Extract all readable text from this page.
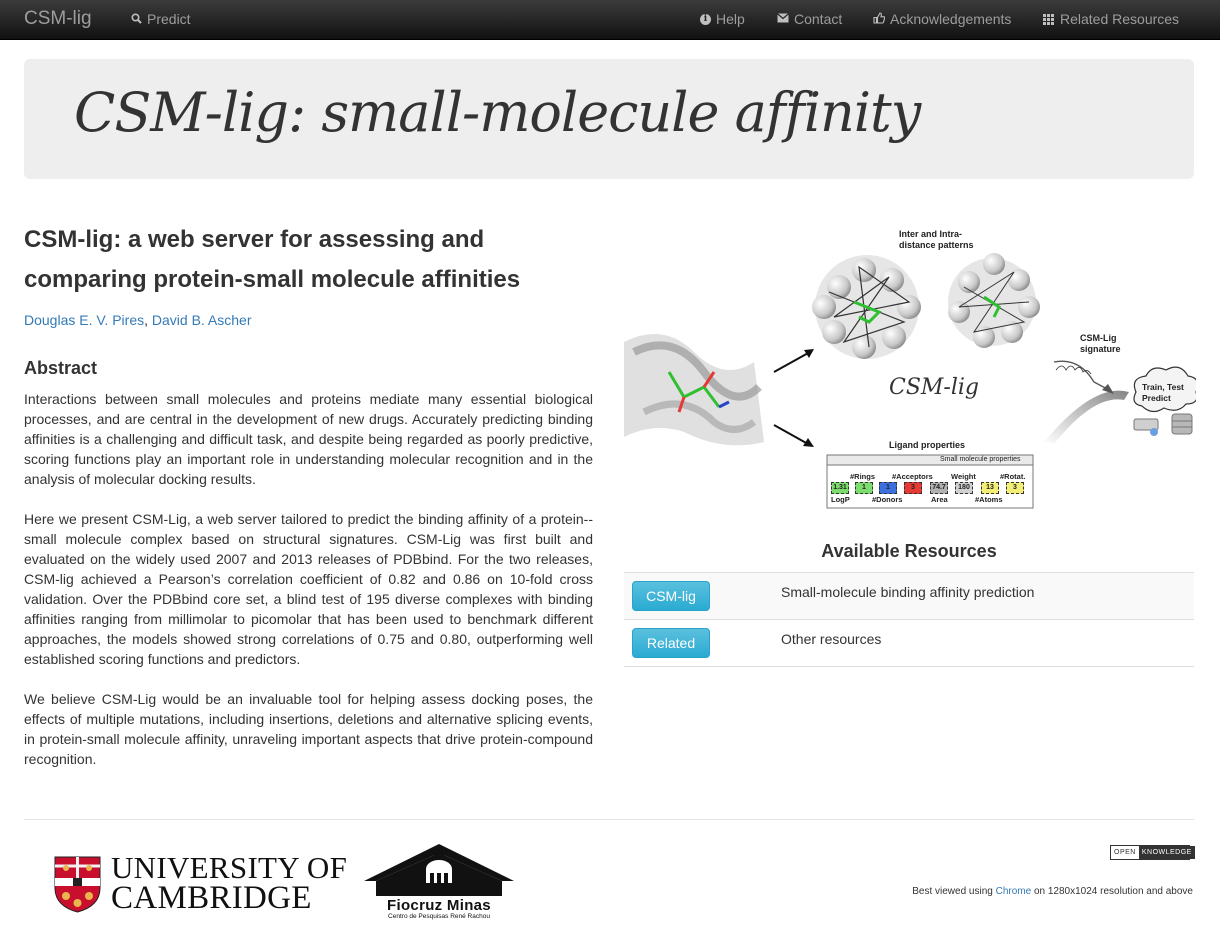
CSM-lig	Predict	i Help	Contact	Acknowledgements	Related Resources
CSM-lig: small-molecule affinity
CSM-lig: a web server for assessing and comparing protein-small molecule affinities
Douglas E. V. Pires, David B. Ascher
Abstract

Interactions between small molecules and proteins mediate many essential biological processes, and are central in the development of new drugs. Accurately predicting binding affinities is a challenging and difficult task, and despite being regarded as poorly predictive, scoring functions play an important role in understanding molecular recognition and in the analysis of molecular docking results.

Here we present CSM-Lig, a web server tailored to predict the binding affinity of a protein--small molecule complex based on structural signatures. CSM-Lig was first built and evaluated on the widely used 2007 and 2013 releases of PDBbind. For the two releases, CSM-lig achieved a Pearson’s correlation coefficient of 0.82 and 0.86 on 10-fold cross validation. Over the PDBbind core set, a blind test of 195 diverse complexes with binding affinities ranging from millimolar to picomolar that has been used to benchmark different approaches, the models showed strong correlations of 0.75 and 0.80, outperforming well established scoring functions and predictors.

We believe CSM-Lig would be an invaluable tool for helping assess docking poses, the effects of multiple mutations, including insertions, deletions and alternative splicing events, in protein-small molecule affinity, unraveling important aspects that drive protein-compound recognition.

Inter and Intra-
distance patterns
CSM-Lig
signature
CSM-lig	Train, Test
Predict
Ligand properties
Small molecule properties
#Rings #Acceptors Weight	#Rotat.
1.31	1	1	3	74.7	180	13	3
LogP	#Donors	Area	#Atoms
Available Resources
CSM-lig	Small-molecule binding affinity prediction
Related	Other resources
UNIVERSITY OF
CAMBRIDGE	Fiocruz Minas
Centro de Pesquisas René Rachou
OPEN KNOWLEDGE
Best viewed using Chrome on 1280x1024 resolution and above
